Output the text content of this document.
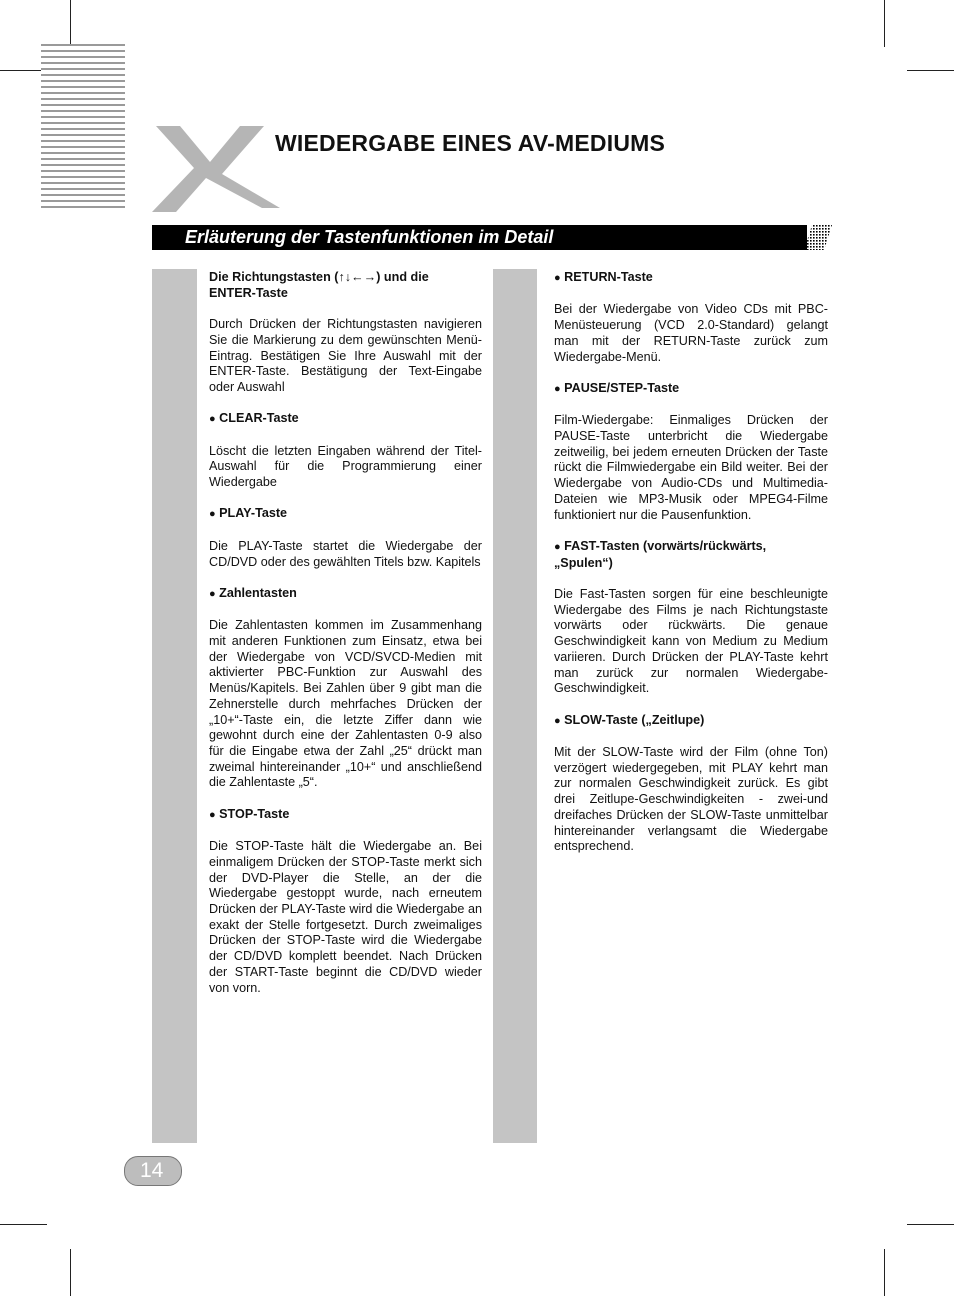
WIEDERGABE EINES AV-MEDIUMS
Erläuterung der Tastenfunktionen im Detail
Die Richtungstasten (↑↓←→) und die
ENTER-Taste

Durch Drücken der Richtungstasten navigieren Sie die Markierung zu dem gewünschten Menü-Eintrag. Bestätigen Sie Ihre Auswahl mit der ENTER-Taste. Bestätigung der Text-Eingabe oder Auswahl

● CLEAR-Taste

Löscht die letzten Eingaben während der Titel-Auswahl für die Programmierung einer Wiedergabe

● PLAY-Taste

Die PLAY-Taste startet die Wiedergabe der CD/DVD oder des gewählten Titels bzw. Kapitels

● Zahlentasten

Die Zahlentasten kommen im Zusammenhang mit anderen Funktionen zum Einsatz, etwa bei der Wiedergabe von VCD/SVCD-Medien mit aktivierter PBC-Funktion zur Auswahl des Menüs/Kapitels. Bei Zahlen über 9 gibt man die Zehnerstelle durch mehrfaches Drücken der „10+“-Taste ein, die letzte Ziffer dann wie gewohnt durch eine der Zahlentasten 0-9 also für die Eingabe etwa der Zahl „25“ drückt man zweimal hintereinander „10+“ und anschließend die Zahlentaste „5“.

● STOP-Taste

Die STOP-Taste hält die Wiedergabe an. Bei einmaligem Drücken der STOP-Taste merkt sich der DVD-Player die Stelle, an der die Wiedergabe gestoppt wurde, nach erneutem Drücken der PLAY-Taste wird die Wiedergabe an exakt der Stelle fortgesetzt. Durch zweimaliges Drücken der STOP-Taste wird die Wiedergabe der CD/DVD komplett beendet. Nach Drücken der START-Taste beginnt die CD/DVD wieder von vorn.

● RETURN-Taste

Bei der Wiedergabe von Video CDs mit PBC-Menüsteuerung (VCD 2.0-Standard) gelangt man mit der RETURN-Taste zurück zum Wiedergabe-Menü.

● PAUSE/STEP-Taste

Film-Wiedergabe: Einmaliges Drücken der PAUSE-Taste unterbricht die Wiedergabe zeitweilig, bei jedem erneuten Drücken der Taste rückt die Filmwiedergabe ein Bild weiter. Bei der Wiedergabe von Audio-CDs und Multimedia-Dateien wie MP3-Musik oder MPEG4-Filme funktioniert nur die Pausenfunktion.

● FAST-Tasten (vorwärts/rückwärts,
„Spulen“)

Die Fast-Tasten sorgen für eine beschleunigte Wiedergabe des Films je nach Richtungstaste vorwärts oder rückwärts. Die genaue Geschwindigkeit kann von Medium zu Medium variieren. Durch Drücken der PLAY-Taste kehrt man zurück zur normalen Wiedergabe-Geschwindigkeit.

● SLOW-Taste („Zeitlupe)

Mit der SLOW-Taste wird der Film (ohne Ton) verzögert wiedergegeben, mit PLAY kehrt man zur normalen Geschwindigkeit zurück. Es gibt drei Zeitlupe-Geschwindigkeiten - zwei-und dreifaches Drücken der SLOW-Taste unmittelbar hintereinander verlangsamt die Wiedergabe entsprechend.

14
